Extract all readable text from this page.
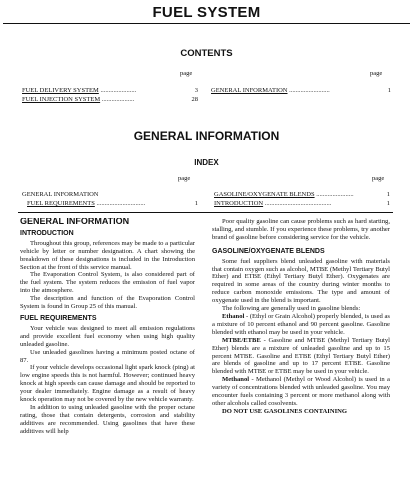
FUEL SYSTEM
CONTENTS
page	page
FUEL DELIVERY SYSTEM ......................	3
FUEL INJECTION SYSTEM ....................	28
GENERAL INFORMATION .........................	1
GENERAL INFORMATION
INDEX
page	page
GENERAL INFORMATION
FUEL REQUIREMENTS ..............................	1
GASOLINE/OXYGENATE BLENDS .......................	1
INTRODUCTION .........................................	1
GENERAL INFORMATION
INTRODUCTION

Throughout this group, references may be made to a particular vehicle by letter or number designation. A chart showing the breakdown of these designations is included in the Introduction Section at the front of this service manual.

The Evaporation Control System, is also considered part of the fuel system. The system reduces the emission of fuel vapor into the atmosphere.

The description and function of the Evaporation Control System is found in Group 25 of this manual.

FUEL REQUIREMENTS

Your vehicle was designed to meet all emission regulations and provide excellent fuel economy when using high quality unleaded gasoline.

Use unleaded gasolines having a minimum posted octane of 87.

If your vehicle develops occasional light spark knock (ping) at low engine speeds this is not harmful. However; continued heavy knock at high speeds can cause damage and should be reported to your dealer immediately. Engine damage as a result of heavy knock operation may not be covered by the new vehicle warranty.

In addition to using unleaded gasoline with the proper octane rating, those that contain detergents, corrosion and stability additives are recommended. Using gasolines that have these additives will help

Poor quality gasoline can cause problems such as hard starting, stalling, and stumble. If you experience these problems, try another brand of gasoline before considering service for the vehicle.

GASOLINE/OXYGENATE BLENDS

Some fuel suppliers blend unleaded gasoline with materials that contain oxygen such as alcohol, MTBE (Methyl Tertiary Butyl Ether) and ETBE (Ethyl Tertiary Butyl Ether). Oxygenates are required in some areas of the country during winter months to reduce carbon monoxide emissions. The type and amount of oxygenate used in the blend is important.

The following are generally used in gasoline blends:

Ethanol - (Ethyl or Grain Alcohol) properly blended, is used as a mixture of 10 percent ethanol and 90 percent gasoline. Gasoline blended with ethanol may be used in your vehicle.

MTBE/ETBE - Gasoline and MTBE (Methyl Tertiary Butyl Ether) blends are a mixture of unleaded gasoline and up to 15 percent MTBE. Gasoline and ETBE (Ethyl Tertiary Butyl Ether) are blends of gasoline and up to 17 percent ETBE. Gasoline blended with MTBE or ETBE may be used in your vehicle.

Methanol - Methanol (Methyl or Wood Alcohol) is used in a variety of concentrations blended with unleaded gasoline. You may encounter fuels containing 3 percent or more methanol along with other alcohols called cosolvents.

DO NOT USE GASOLINES CONTAINING
